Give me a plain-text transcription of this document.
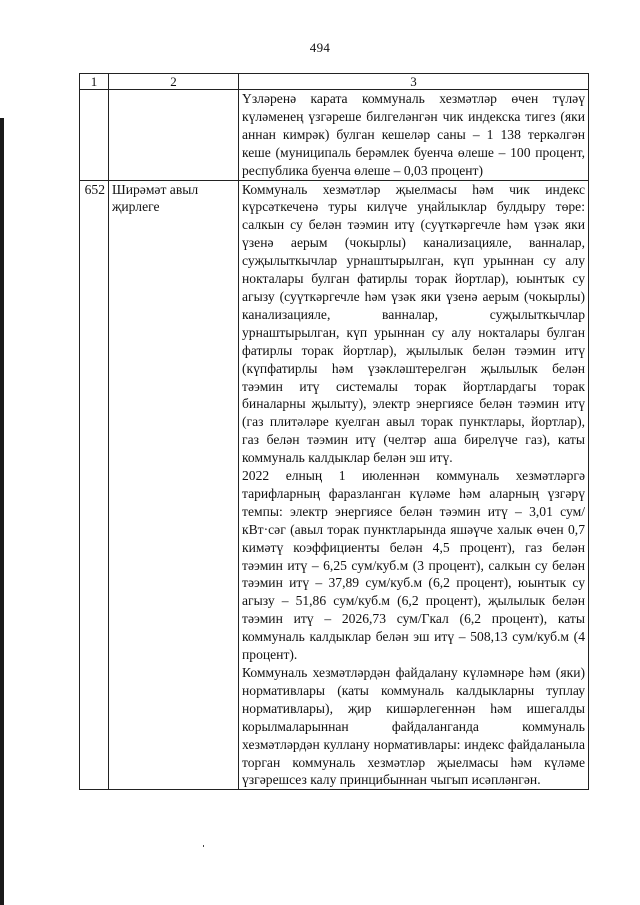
494
1	2	3

		Үзләренә карата коммуналь хезмәтләр өчен түләү күләменең үзгәреше билгеләнгән чик индекска тигез (яки аннан кимрәк) булган кешеләр саны – 1 138 теркәлгән кеше (муниципаль берәмлек буенча өлеше – 100 процент, республика буенча өлеше – 0,03 процент)

652	Ширәмәт авыл җирлеге	Коммуналь хезмәтләр җыелмасы һәм чик индекс күрсәткеченә туры килүче уңайлыклар булдыру төре: салкын су белән тәэмин итү (суүткәргечле һәм үзәк яки үзенә аерым (чокырлы) канализацияле, ванналар, суҗылыткычлар урнаштырылган, күп урыннан су алу нокталары булган фатирлы торак йортлар), юынтык су агызу (суүткәргечле һәм үзәк яки үзенә аерым (чокырлы) канализацияле, ванналар, суҗылыткычлар урнаштырылган, күп урыннан су алу нокталары булган фатирлы торак йортлар), җылылык белән тәэмин итү (күпфатирлы һәм үзәкләштерелгән җылылык белән тәэмин итү системалы торак йортлардагы торак биналарны җылыту), электр энергиясе белән тәэмин итү (газ плитәләре куелган авыл торак пунктлары, йортлар), газ белән тәэмин итү (челтәр аша бирелүче газ), каты коммуналь калдыклар белән эш итү.

2022 елның 1 июленнән коммуналь хезмәтләргә тарифларның фаразланган күләме һәм аларның үзгәрү темпы: электр энергиясе белән тәэмин итү – 3,01 сум/кВт·сәг (авыл торак пунктларында яшәүче халык өчен 0,7 кимәтү коэффициенты белән 4,5 процент), газ белән тәэмин итү – 6,25 сум/куб.м (3 процент), салкын су белән тәэмин итү – 37,89 сум/куб.м (6,2 процент), юынтык су агызу – 51,86 сум/куб.м (6,2 процент), җылылык белән тәэмин итү – 2026,73 сум/Гкал (6,2 процент), каты коммуналь калдыклар белән эш итү – 508,13 сум/куб.м (4 процент).

Коммуналь хезмәтләрдән файдалану күләмнәре һәм (яки) нормативлары (каты коммуналь калдыкларны туплау нормативлары), җир кишәрлегеннән һәм ишегалды корылмаларыннан файдаланганда коммуналь хезмәтләрдән куллану нормативлары: индекс файдаланыла торган коммуналь хезмәтләр җыелмасы һәм күләме үзгәрешсез калу принцибыннан чыгып исәпләнгән.
